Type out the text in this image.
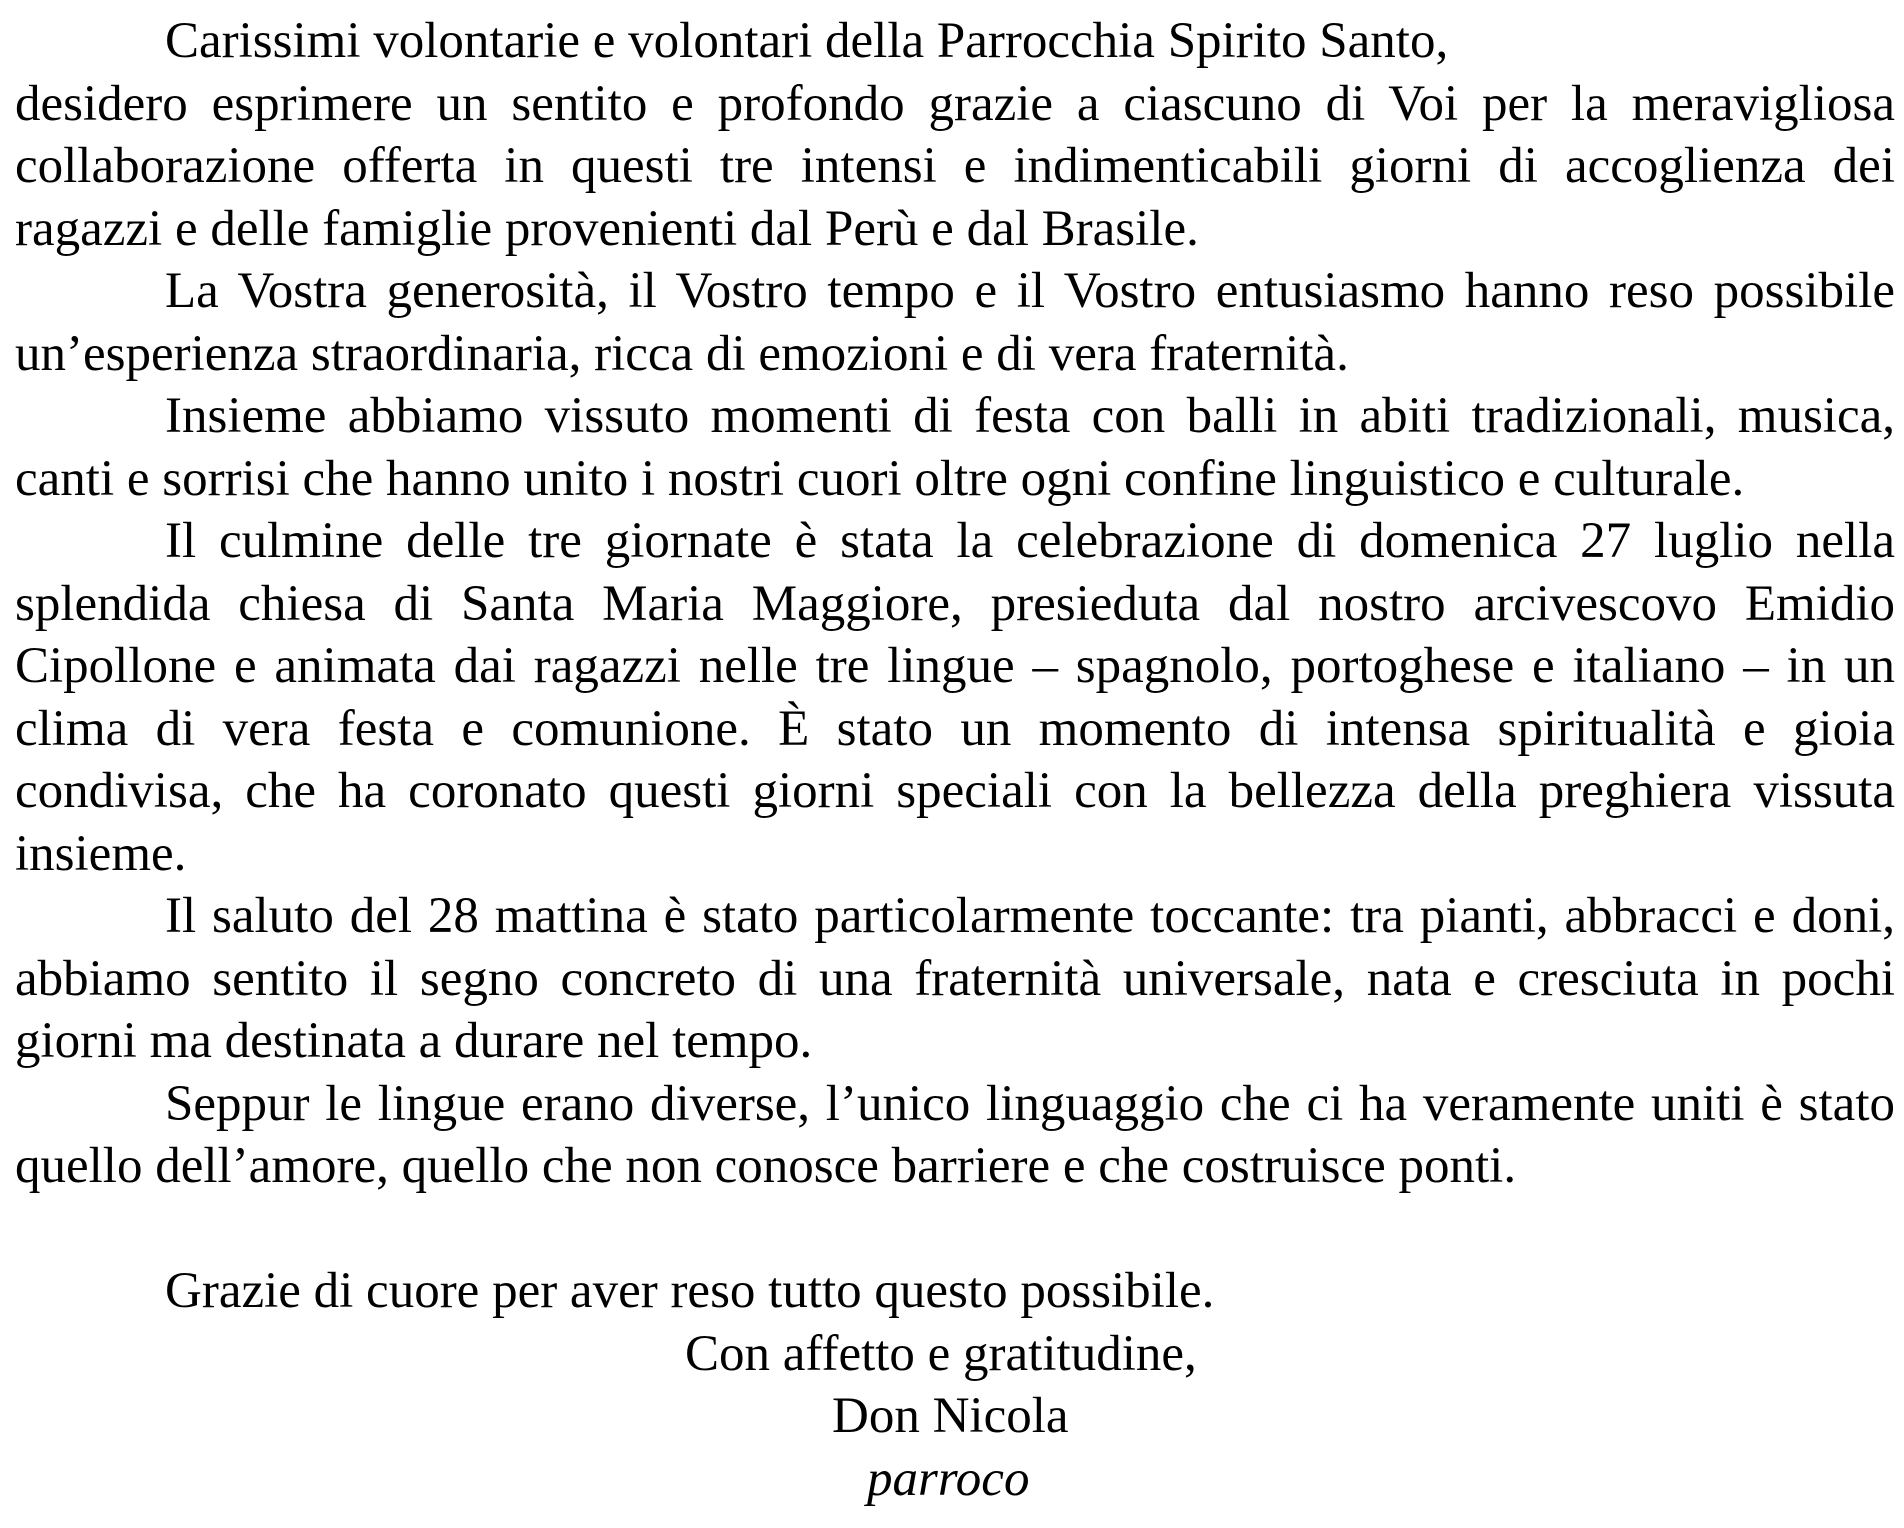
Carissimi volontarie e volontari della Parrocchia Spirito Santo,

desidero esprimere un sentito e profondo grazie a ciascuno di Voi per la meravigliosa collaborazione offerta in questi tre intensi e indimenticabili giorni di accoglienza dei ragazzi e delle famiglie provenienti dal Perù e dal Brasile.

La Vostra generosità, il Vostro tempo e il Vostro entusiasmo hanno reso possibile un’esperienza straordinaria, ricca di emozioni e di vera fraternità.

Insieme abbiamo vissuto momenti di festa con balli in abiti tradizionali, musica, canti e sorrisi che hanno unito i nostri cuori oltre ogni confine linguistico e culturale.

Il culmine delle tre giornate è stata la celebrazione di domenica 27 luglio nella splendida chiesa di Santa Maria Maggiore, presieduta dal nostro arcivescovo Emidio Cipollone e animata dai ragazzi nelle tre lingue – spagnolo, portoghese e italiano – in un clima di vera festa e comunione. È stato un momento di intensa spiritualità e gioia condivisa, che ha coronato questi giorni speciali con la bellezza della preghiera vissuta insieme.

Il saluto del 28 mattina è stato particolarmente toccante: tra pianti, abbracci e doni, abbiamo sentito il segno concreto di una fraternità universale, nata e cresciuta in pochi giorni ma destinata a durare nel tempo.

Seppur le lingue erano diverse, l’unico linguaggio che ci ha veramente uniti è stato quello dell’amore, quello che non conosce barriere e che costruisce ponti.

Grazie di cuore per aver reso tutto questo possibile.

Con affetto e gratitudine,

Don Nicola

parroco
